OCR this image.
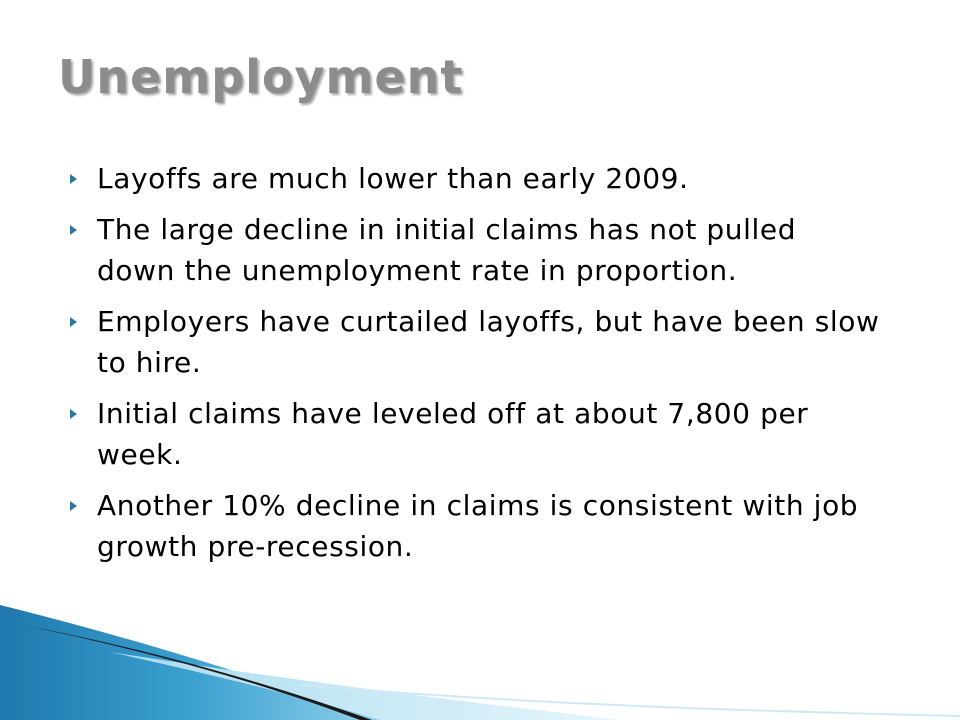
Unemployment
Layoffs are much lower than early 2009.
The large decline in initial claims has not pulled down the unemployment rate in proportion.
Employers have curtailed layoffs, but have been slow to hire.
Initial claims have leveled off at about 7,800 per week.
Another 10% decline in claims is consistent with job growth pre-recession.
